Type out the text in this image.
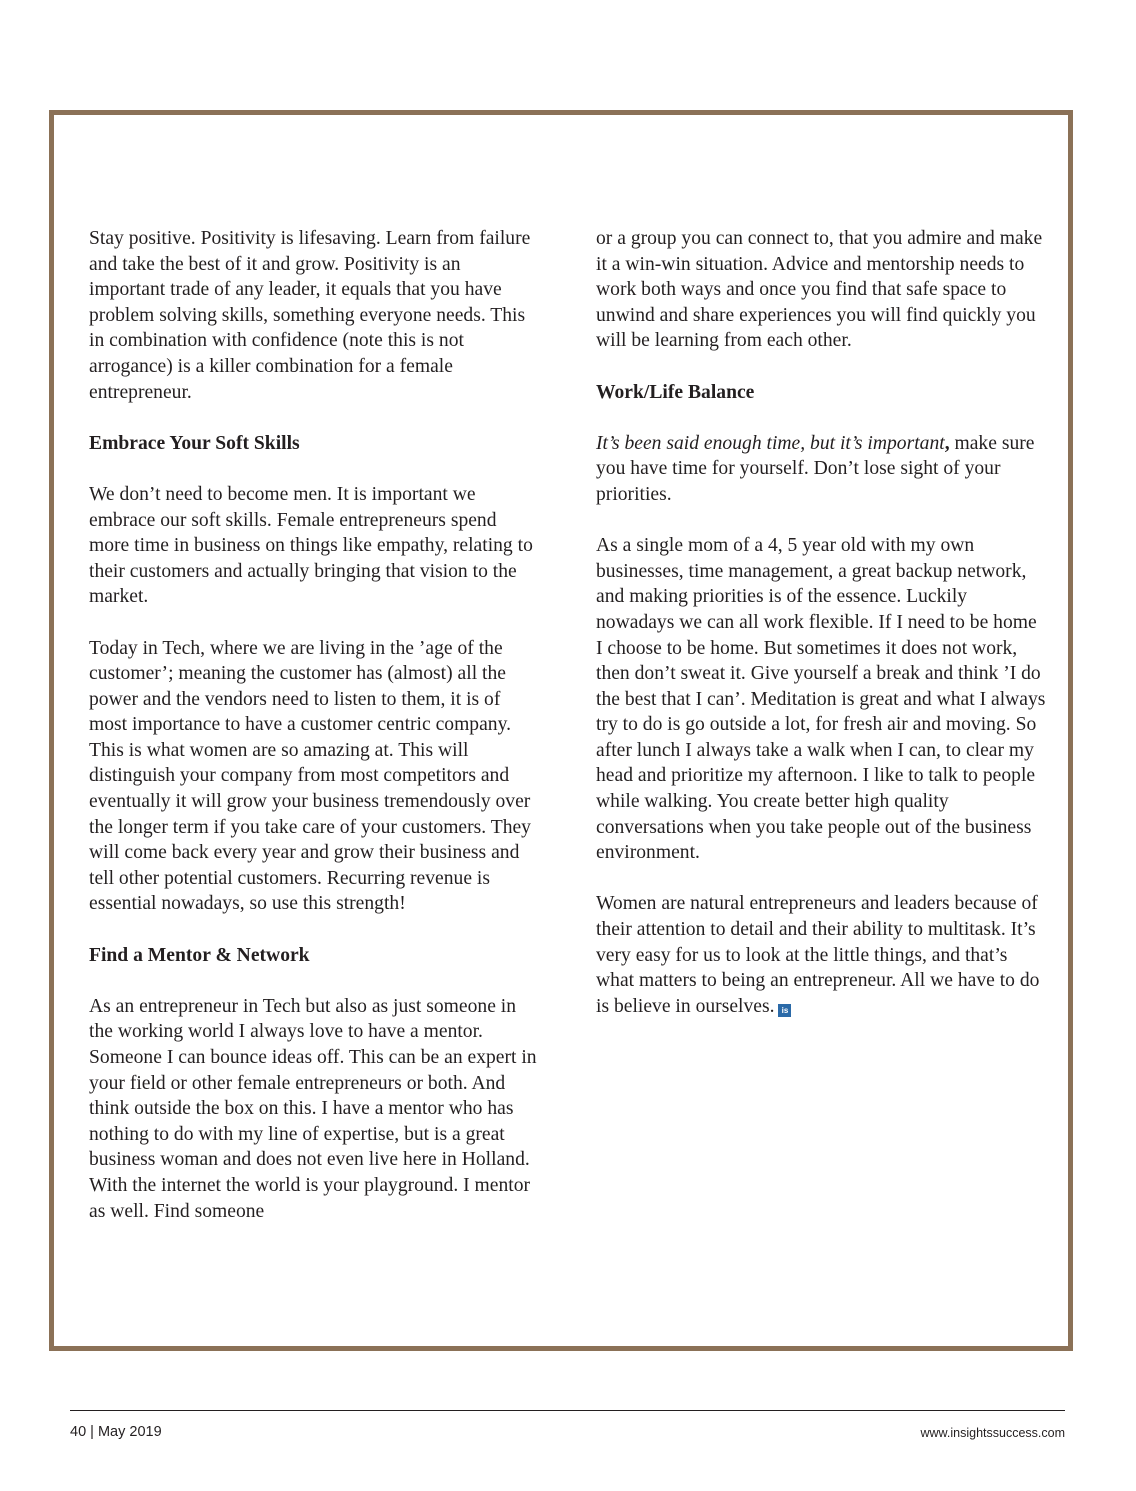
Stay positive. Positivity is lifesaving. Learn from failure and take the best of it and grow. Positivity is an important trade of any leader, it equals that you have problem solving skills, something everyone needs. This in combination with confidence (note this is not arrogance) is a killer combination for a female entrepreneur.

Embrace Your Soft Skills

We don’t need to become men. It is important we embrace our soft skills. Female entrepreneurs spend more time in business on things like empathy, relating to their customers and actually bringing that vision to the market.

Today in Tech, where we are living in the ’age of the customer’; meaning the customer has (almost) all the power and the vendors need to listen to them, it is of most importance to have a customer centric company. This is what women are so amazing at. This will distinguish your company from most competitors and eventually it will grow your business tremendously over the longer term if you take care of your customers. They will come back every year and grow their business and tell other potential customers. Recurring revenue is essential nowadays, so use this strength!

Find a Mentor & Network

As an entrepreneur in Tech but also as just someone in the working world I always love to have a mentor. Someone I can bounce ideas off. This can be an expert in your field or other female entrepreneurs or both. And think outside the box on this. I have a mentor who has nothing to do with my line of expertise, but is a great business woman and does not even live here in Holland. With the internet the world is your playground. I mentor as well. Find someone

or a group you can connect to, that you admire and make it a win-win situation. Advice and mentorship needs to work both ways and once you find that safe space to unwind and share experiences you will find quickly you will be learning from each other.

Work/Life Balance

It’s been said enough time, but it’s important, make sure you have time for yourself. Don’t lose sight of your priorities.

As a single mom of a 4, 5 year old with my own businesses, time management, a great backup network, and making priorities is of the essence. Luckily nowadays we can all work flexible. If I need to be home I choose to be home. But sometimes it does not work, then don’t sweat it. Give yourself a break and think ’I do the best that I can’. Meditation is great and what I always try to do is go outside a lot, for fresh air and moving. So after lunch I always take a walk when I can, to clear my head and prioritize my afternoon. I like to talk to people while walking. You create better high quality conversations when you take people out of the business environment.

Women are natural entrepreneurs and leaders because of their attention to detail and their ability to multitask. It’s very easy for us to look at the little things, and that’s what matters to being an entrepreneur. All we have to do is believe in ourselves. is

40 | May 2019	www.insightssuccess.com
